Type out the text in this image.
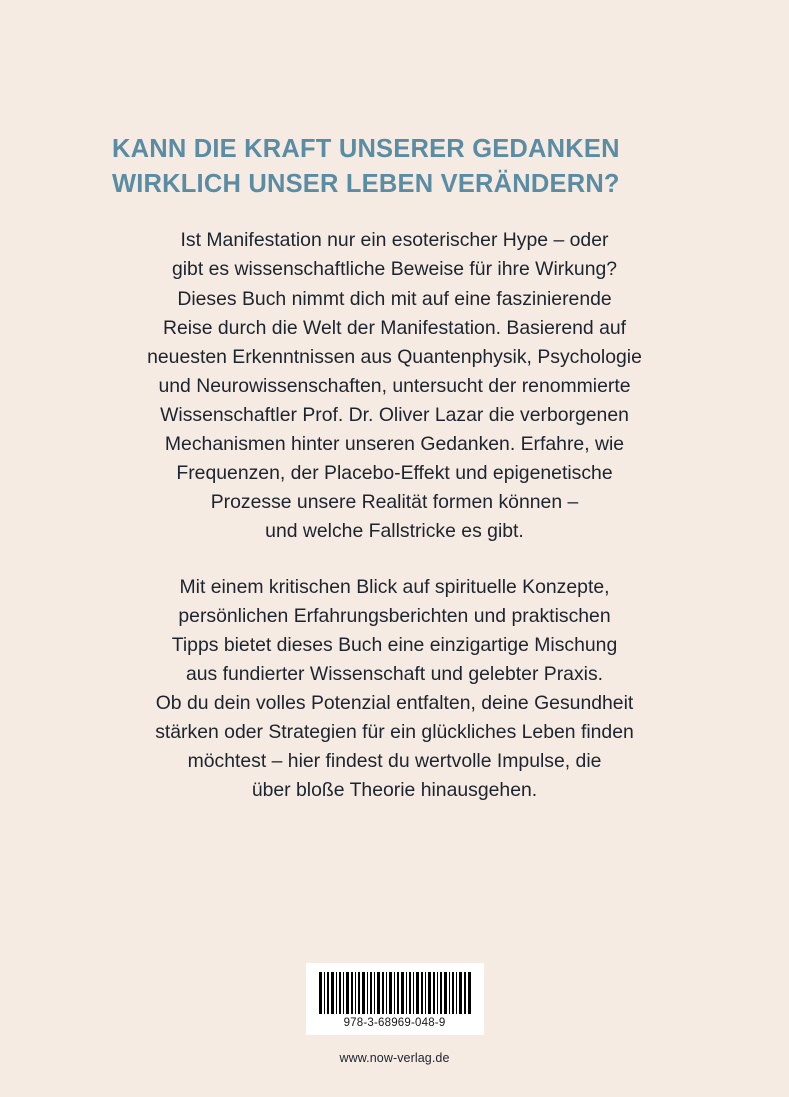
KANN DIE KRAFT UNSERER GEDANKEN
WIRKLICH UNSER LEBEN VERÄNDERN?

Ist Manifestation nur ein esoterischer Hype – oder
gibt es wissenschaftliche Beweise für ihre Wirkung?
Dieses Buch nimmt dich mit auf eine faszinierende
Reise durch die Welt der Manifestation. Basierend auf
neuesten Erkenntnissen aus Quantenphysik, Psychologie
und Neurowissenschaften, untersucht der renommierte
Wissenschaftler Prof. Dr. Oliver Lazar die verborgenen
Mechanismen hinter unseren Gedanken. Erfahre, wie
Frequenzen, der Placebo-Effekt und epigenetische
Prozesse unsere Realität formen können –
und welche Fallstricke es gibt.

Mit einem kritischen Blick auf spirituelle Konzepte,
persönlichen Erfahrungsberichten und praktischen
Tipps bietet dieses Buch eine einzigartige Mischung
aus fundierter Wissenschaft und gelebter Praxis.
Ob du dein volles Potenzial entfalten, deine Gesundheit
stärken oder Strategien für ein glückliches Leben finden
möchtest – hier findest du wertvolle Impulse, die
über bloße Theorie hinausgehen.

978-3-68969-048-9
www.now-verlag.de
